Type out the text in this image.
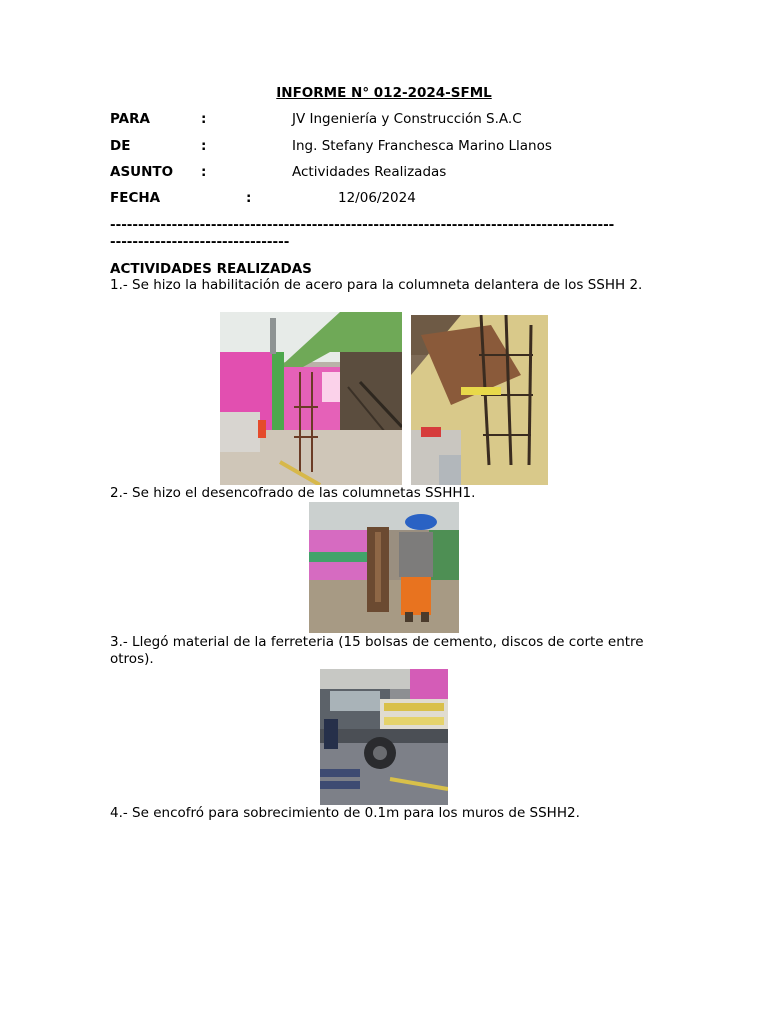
INFORME N° 012-2024-SFML
PARA	:	JV Ingeniería y Construcción S.A.C
DE	:	Ing. Stefany Franchesca Marino Llanos
ASUNTO :	Actividades Realizadas
FECHA	:	12/06/2024
------------------------------------------------------------------------------------------
--------------------------------
ACTIVIDADES REALIZADAS
1.- Se hizo la habilitación de acero para la columneta delantera de los SSHH 2.
2.- Se hizo el desencofrado de las columnetas SSHH1.
3.- Llegó material de la ferreteria (15 bolsas de cemento, discos de corte entre otros).
4.- Se encofró para sobrecimiento de 0.1m para los muros de SSHH2.
